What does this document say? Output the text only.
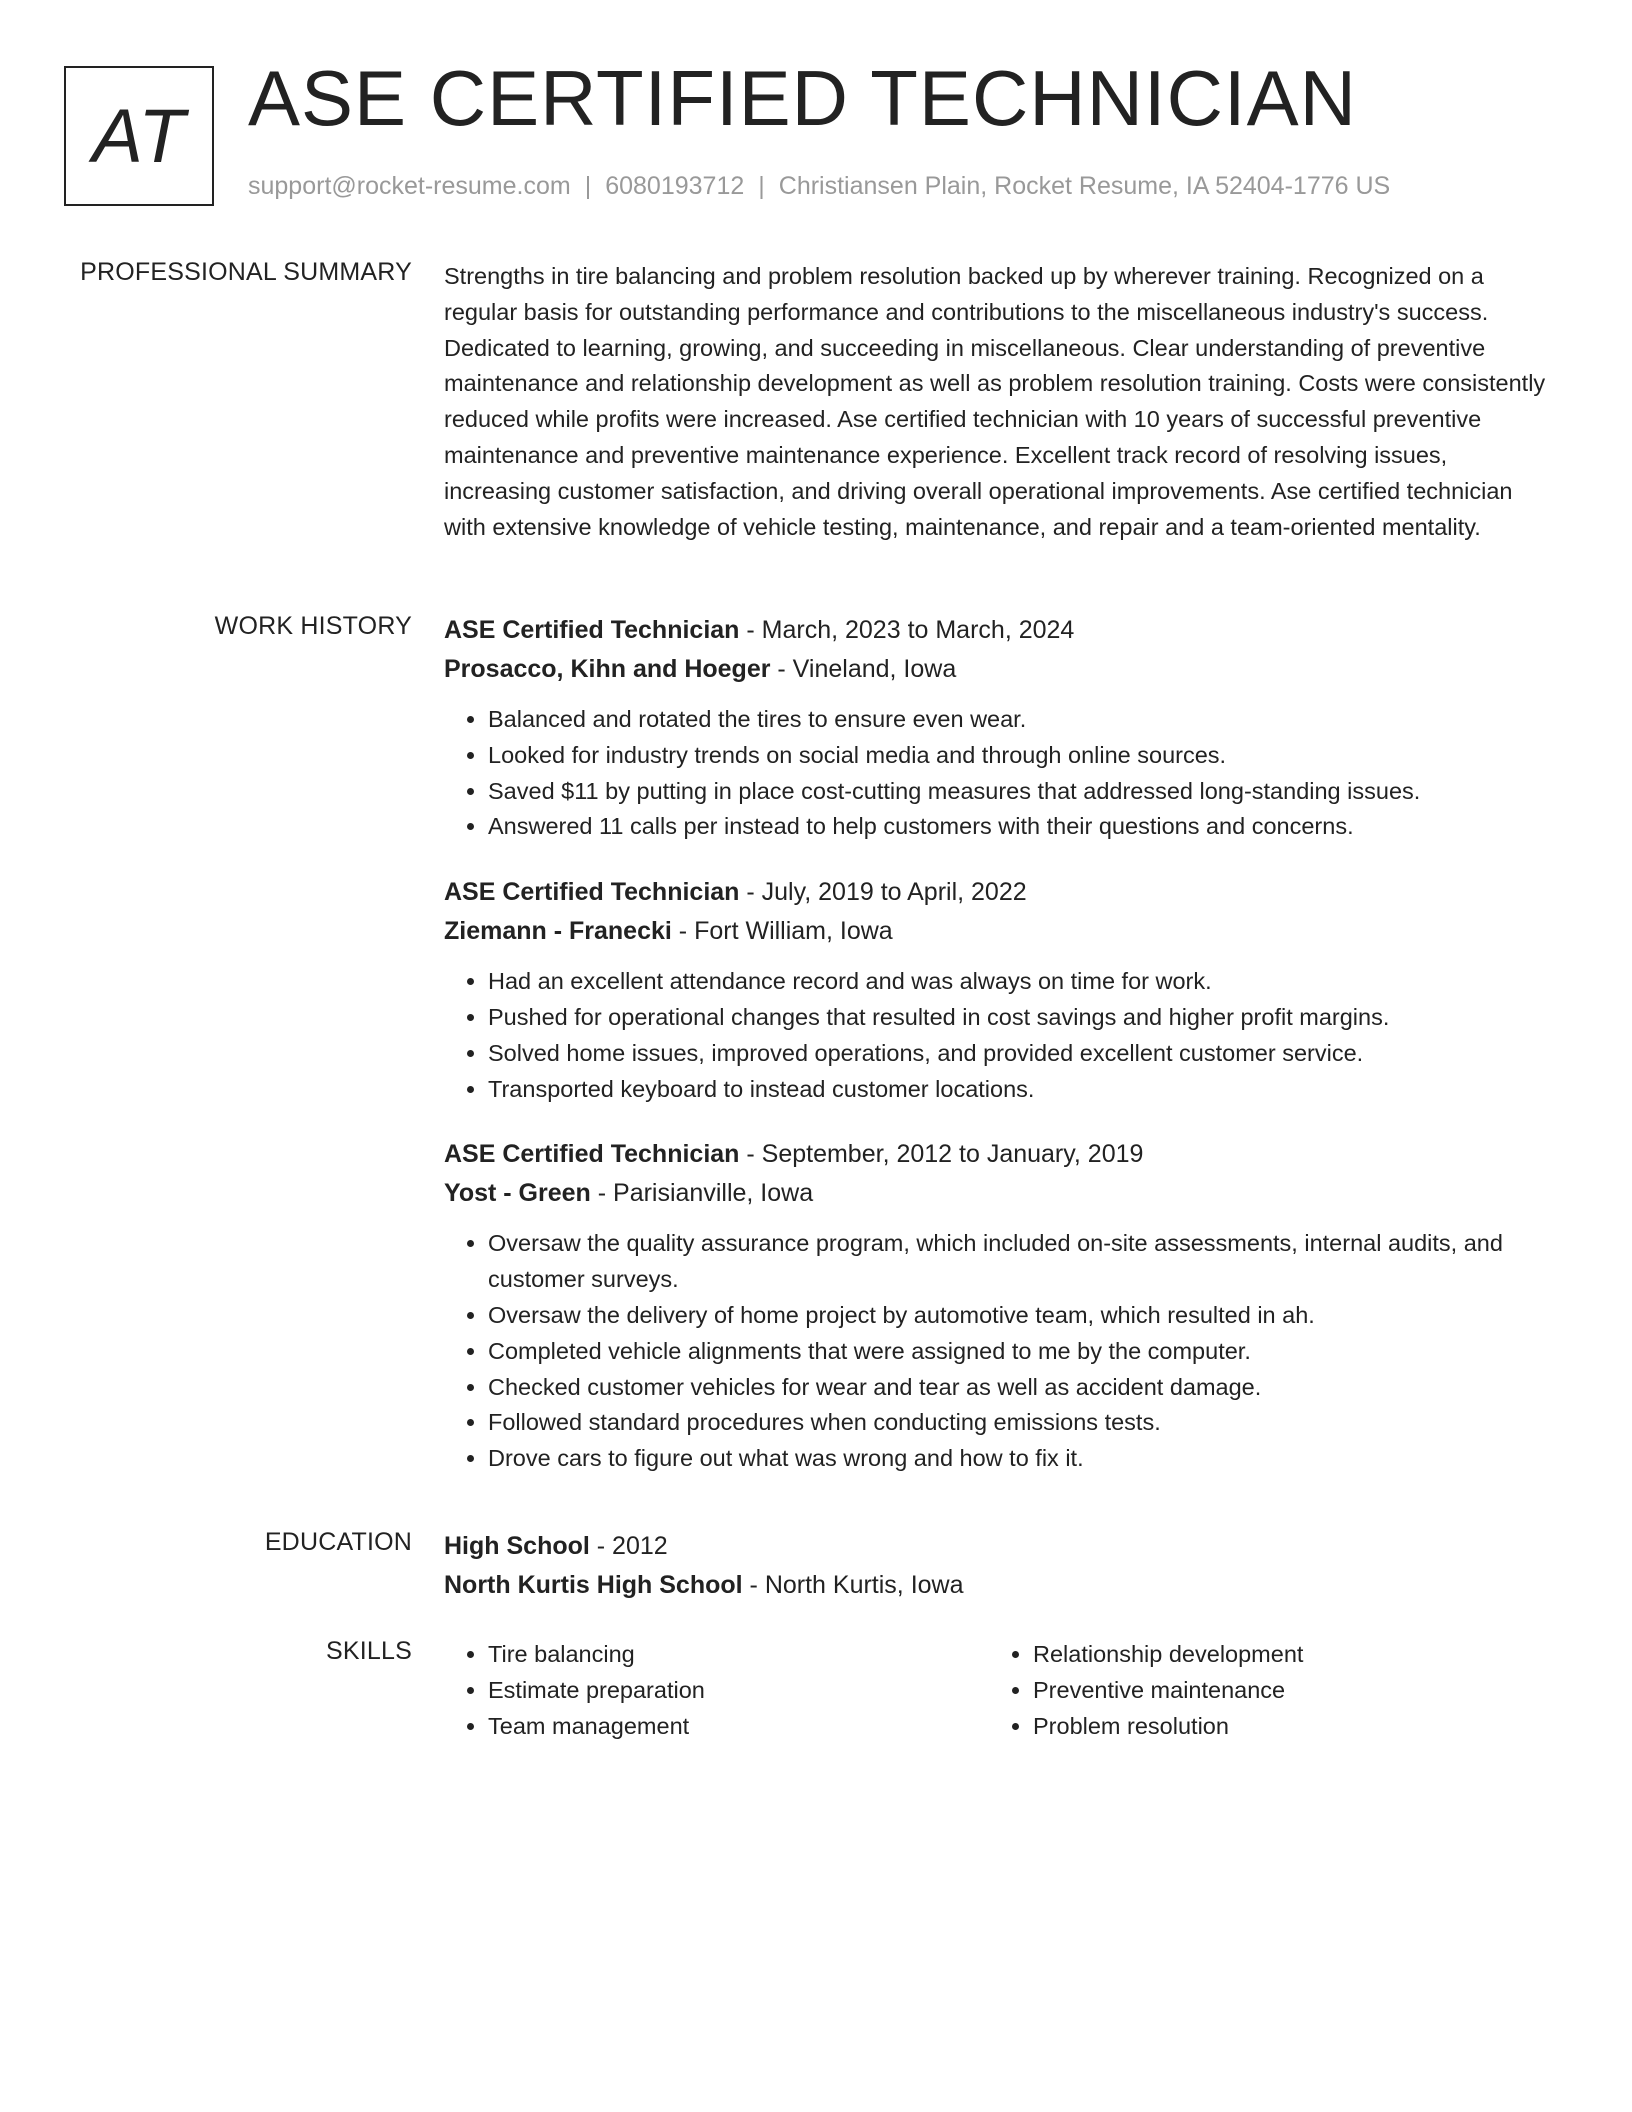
AT ASE CERTIFIED TECHNICIAN
support@rocket-resume.com | 6080193712 | Christiansen Plain, Rocket Resume, IA 52404-1776 US
PROFESSIONAL SUMMARY Strengths in tire balancing and problem resolution backed up by wherever training. Recognized on a regular basis for outstanding performance and contributions to the miscellaneous industry's success. Dedicated to learning, growing, and succeeding in miscellaneous. Clear understanding of preventive maintenance and relationship development as well as problem resolution training. Costs were consistently reduced while profits were increased. Ase certified technician with 10 years of successful preventive maintenance and preventive maintenance experience. Excellent track record of resolving issues, increasing customer satisfaction, and driving overall operational improvements. Ase certified technician with extensive knowledge of vehicle testing, maintenance, and repair and a team-oriented mentality.

WORK HISTORY ASE Certified Technician - March, 2023 to March, 2024
Prosacco, Kihn and Hoeger - Vineland, Iowa
• Balanced and rotated the tires to ensure even wear.
• Looked for industry trends on social media and through online sources.
• Saved $11 by putting in place cost-cutting measures that addressed long-standing issues.
• Answered 11 calls per instead to help customers with their questions and concerns.
ASE Certified Technician - July, 2019 to April, 2022
Ziemann - Franecki - Fort William, Iowa
• Had an excellent attendance record and was always on time for work.
• Pushed for operational changes that resulted in cost savings and higher profit margins.
• Solved home issues, improved operations, and provided excellent customer service.
• Transported keyboard to instead customer locations.
ASE Certified Technician - September, 2012 to January, 2019
Yost - Green - Parisianville, Iowa
• Oversaw the quality assurance program, which included on-site assessments, internal audits, and customer surveys.
• Oversaw the delivery of home project by automotive team, which resulted in ah.
• Completed vehicle alignments that were assigned to me by the computer.
• Checked customer vehicles for wear and tear as well as accident damage.
• Followed standard procedures when conducting emissions tests.
• Drove cars to figure out what was wrong and how to fix it.
EDUCATION High School - 2012
North Kurtis High School - North Kurtis, Iowa
SKILLS
•	Tire balancing
• Estimate preparation
• Team management
• Relationship development
• Preventive maintenance
• Problem resolution
